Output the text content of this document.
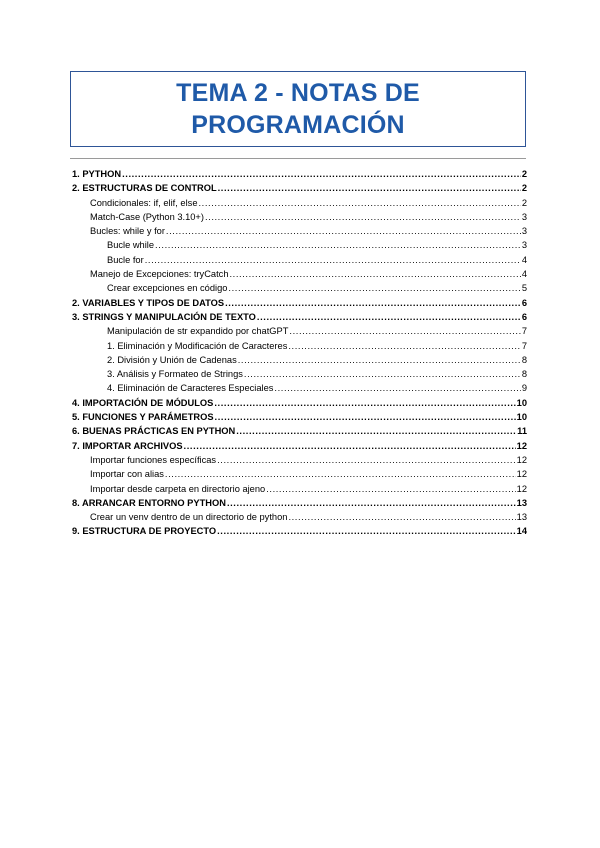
TEMA 2 - NOTAS DE
PROGRAMACIÓN
1. PYTHON .....	2
2. ESTRUCTURAS DE CONTROL .....	2
Condicionales: if, elif, else .....	2
Match-Case (Python 3.10+) .....	3
Bucles: while y for .....	3
Bucle while .....	3
Bucle for .....	4
Manejo de Excepciones: tryCatch .....	4
Crear excepciones en código .....	5
2. VARIABLES Y TIPOS DE DATOS .....	6
3. STRINGS Y MANIPULACIÓN DE TEXTO .....	6
Manipulación de str expandido por chatGPT .....	7
1. Eliminación y Modificación de Caracteres .....	7
2. División y Unión de Cadenas .....	8
3. Análisis y Formateo de Strings .....	8
4. Eliminación de Caracteres Especiales .....	9
4. IMPORTACIÓN DE MÓDULOS .....	10
5. FUNCIONES Y PARÁMETROS .....	10
6. BUENAS PRÁCTICAS EN PYTHON .....	11
7. IMPORTAR ARCHIVOS .....	12
Importar funciones específicas .....	12
Importar con alias .....	12
Importar desde carpeta en directorio ajeno .....	12
8. ARRANCAR ENTORNO PYTHON .....	13
Crear un venv dentro de un directorio de python .....	13
9. ESTRUCTURA DE PROYECTO .....	14
